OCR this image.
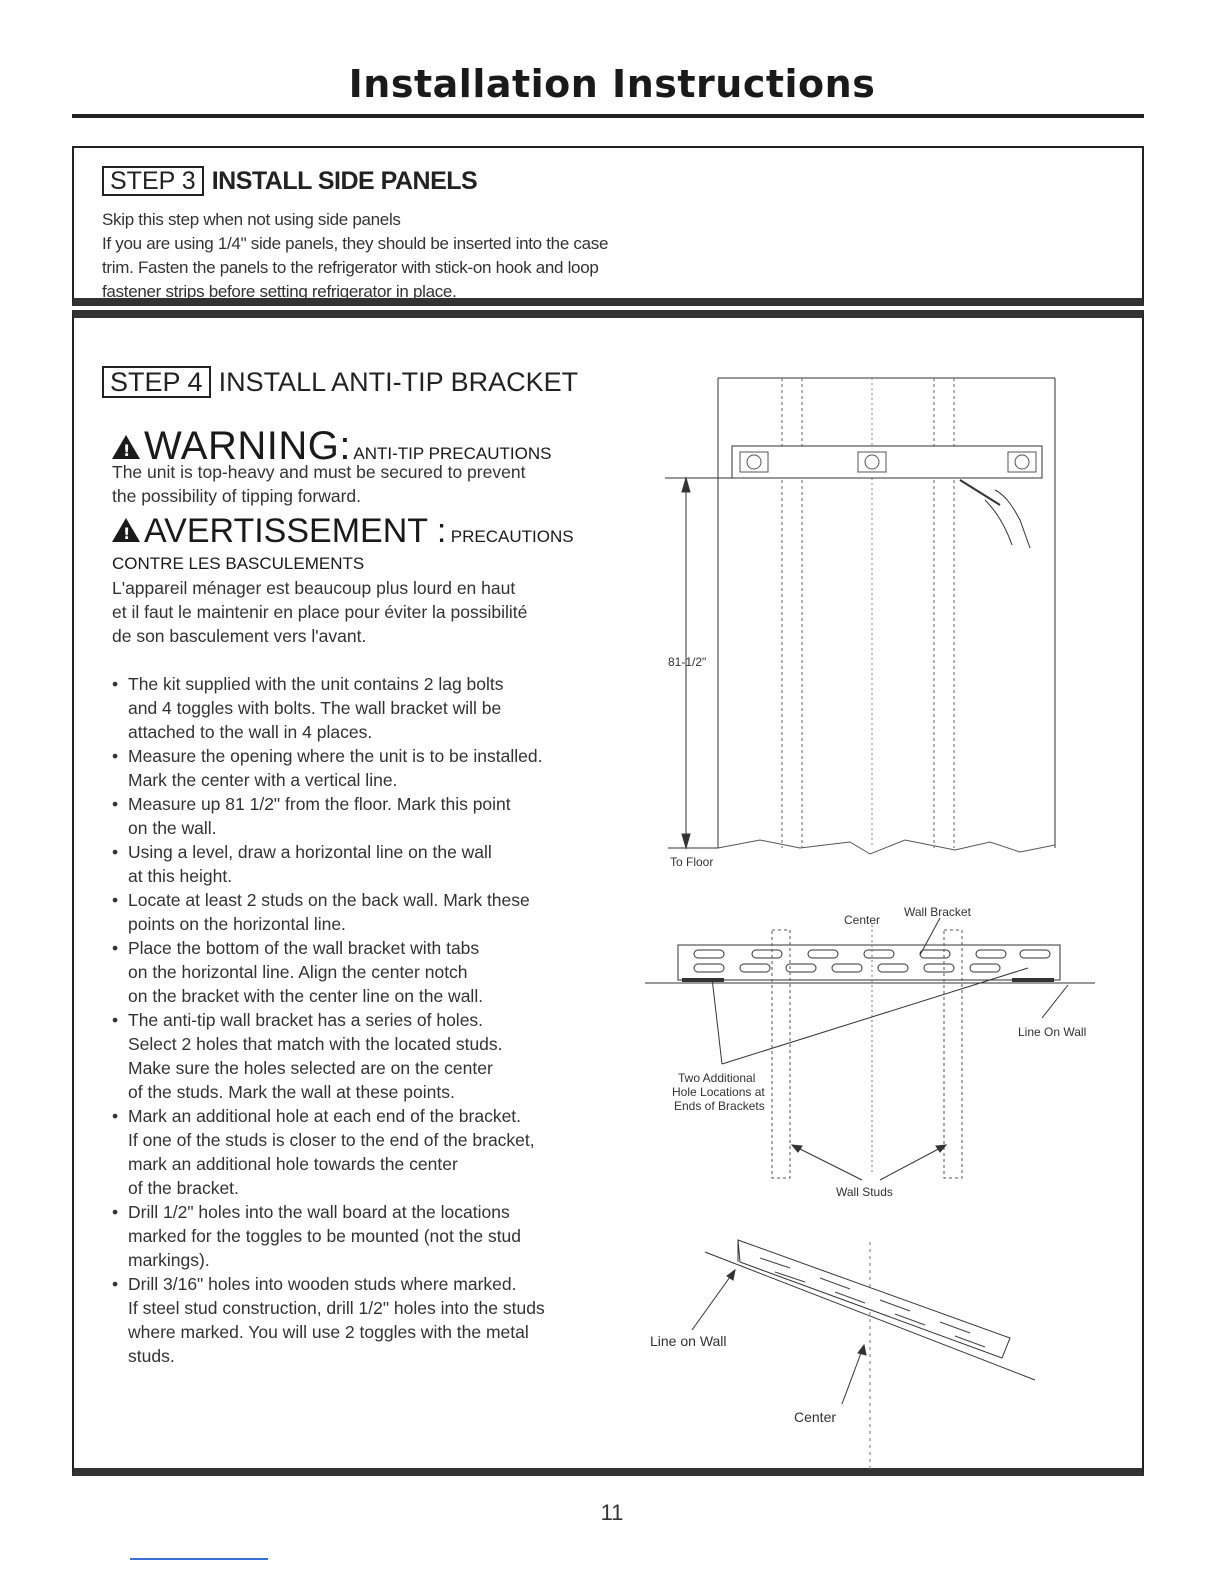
Installation Instructions
STEP 3 INSTALL SIDE PANELS
Skip this step when not using side panels
If you are using 1/4" side panels, they should be inserted into the case
trim. Fasten the panels to the refrigerator with stick-on hook and loop
fastener strips before setting refrigerator in place.
STEP 4 INSTALL ANTI-TIP BRACKET
!WARNING: ANTI-TIP PRECAUTIONS
The unit is top-heavy and must be secured to prevent
the possibility of tipping forward.
!AVERTISSEMENT : PRECAUTIONS
CONTRE LES BASCULEMENTS
L'appareil ménager est beaucoup plus lourd en haut
et il faut le maintenir en place pour éviter la possibilité
de son basculement vers l'avant.
• The kit supplied with the unit contains 2 lag bolts
and 4 toggles with bolts. The wall bracket will be
attached to the wall in 4 places.
• Measure the opening where the unit is to be installed.
Mark the center with a vertical line.
• Measure up 81 1/2" from the floor. Mark this point
on the wall.
• Using a level, draw a horizontal line on the wall
at this height.
• Locate at least 2 studs on the back wall. Mark these
points on the horizontal line.
• Place the bottom of the wall bracket with tabs
on the horizontal line. Align the center notch
on the bracket with the center line on the wall.
• The anti-tip wall bracket has a series of holes.
Select 2 holes that match with the located studs.
Make sure the holes selected are on the center
of the studs. Mark the wall at these points.
• Mark an additional hole at each end of the bracket.
If one of the studs is closer to the end of the bracket,
mark an additional hole towards the center
of the bracket.
• Drill 1/2" holes into the wall board at the locations
marked for the toggles to be mounted (not the stud
markings).
• Drill 3/16" holes into wooden studs where marked.
If steel stud construction, drill 1/2" holes into the studs
where marked. You will use 2 toggles with the metal
studs.
81-1/2"
To Floor
Center
Wall Bracket
Line On Wall
Two Additional
Hole Locations at
Ends of Brackets
Wall Studs
Line on Wall
Center
11
